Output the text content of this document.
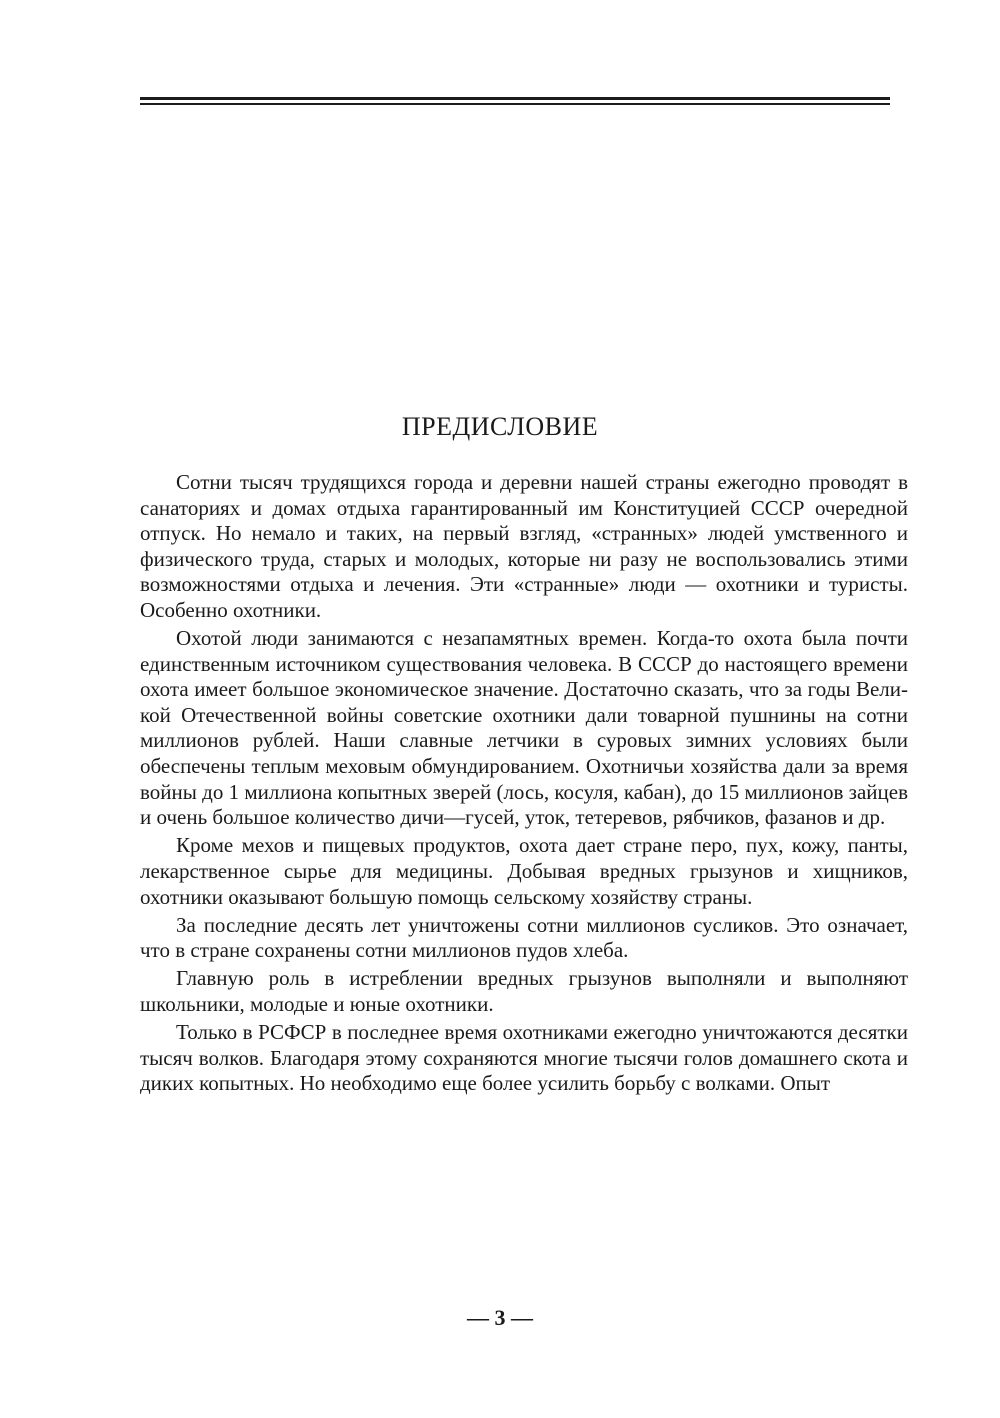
ПРЕДИСЛОВИЕ

Сотни тысяч трудящихся города и деревни нашей страны ежегодно проводят в санаториях и домах отдыха гарантированный им Конституцией СССР очередной отпуск. Но немало и таких, на первый взгляд, «странных» людей умственного и физического труда, старых и молодых, которые ни разу не воспользовались этими возможностями отдыха и лечения. Эти «странные» люди — охотники и туристы. Особенно охотники.

Охотой люди занимаются с незапамятных времен. Когда-то охота была почти единственным источником существования человека. В СССР до настоящего времени охота имеет большое экономическое значение. Достаточно сказать, что за годы Великой Отечественной войны советские охотники дали товарной пушнины на сотни миллионов рублей. Наши славные летчики в суровых зимних условиях были обеспечены теплым меховым обмундированием. Охотничьи хозяйства дали за время войны до 1 миллиона копытных зверей (лось, косуля, кабан), до 15 миллионов зайцев и очень большое количество дичи—гусей, уток, тетеревов, рябчиков, фазанов и др.

Кроме мехов и пищевых продуктов, охота дает стране перо, пух, кожу, панты, лекарственное сырье для медицины. Добывая вредных грызунов и хищников, охотники оказывают большую помощь сельскому хозяйству страны.

За последние десять лет уничтожены сотни миллионов сусликов. Это означает, что в стране сохранены сотни миллионов пудов хлеба.

Главную роль в истреблении вредных грызунов выполняли и выполняют школьники, молодые и юные охотники.

Только в РСФСР в последнее время охотниками ежегодно уничтожаются десятки тысяч волков. Благодаря этому сохраняются многие тысячи голов домашнего скота и диких копытных. Но необходимо еще более усилить борьбу с волками. Опыт

— 3 —
